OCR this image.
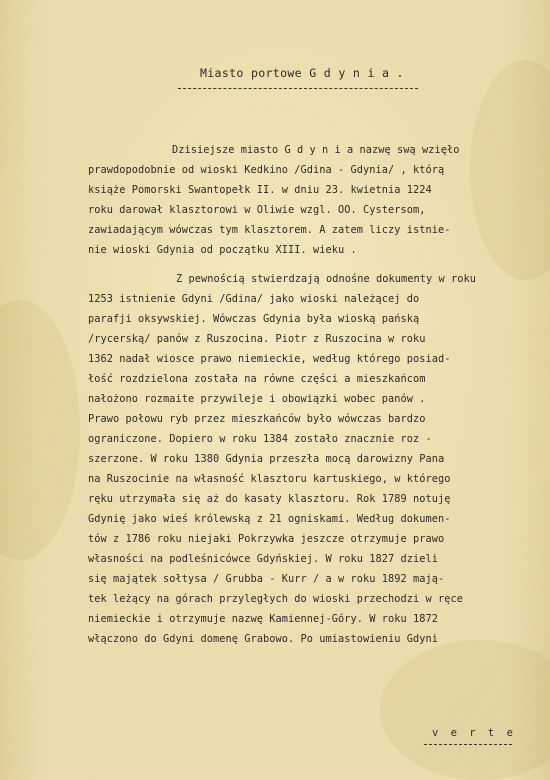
Miasto portowe G d y n i a .
Dzisiejsze miasto G d y n i a nazwę swą wzięło
prawdopodobnie od wioski Kedkino /Gdina - Gdynia/ , którą
książe Pomorski Swantopełk II. w dniu 23. kwietnia 1224
roku darował klasztorowi w Oliwie wzgl. OO. Cystersom,
zawiadającym wówczas tym klasztorem. A zatem liczy istnie-
nie wioski Gdynia od początku XIII. wieku .
Z pewnością stwierdzają odnośne dokumenty w roku
1253 istnienie Gdyni /Gdina/ jako wioski należącej do
parafji oksywskiej. Wówczas Gdynia była wioską pańską
/rycerską/ panów z Ruszocina. Piotr z Ruszocina w roku
1362 nadał wiosce prawo niemieckie, według którego posiad-
łość rozdzielona została na równe części a mieszkańcom
nałożono rozmaite przywileje i obowiązki wobec panów .
Prawo połowu ryb przez mieszkańców było wówczas bardzo
ograniczone. Dopiero w roku 1384 zostało znacznie roz -
szerzone. W roku 1380 Gdynia przeszła mocą darowizny Pana
na Ruszocinie na własność klasztoru kartuskiego, w którego
ręku utrzymała się aż do kasaty klasztoru. Rok 1789 notuję
Gdynię jako wieś królewską z 21 ogniskami. Według dokumen-
tów z 1786 roku niejaki Pokrzywka jeszcze otrzymuje prawo
własności na podleśnicówce Gdyńskiej. W roku 1827 dzieli
się majątek sołtysa / Grubba - Kurr / a w roku 1892 mają-
tek leżący na górach przyległych do wioski przechodzi w ręce
niemieckie i otrzymuje nazwę Kamiennej-Góry. W roku 1872
włączono do Gdyni domenę Grabowo. Po umiastowieniu Gdyni
v e r t e
